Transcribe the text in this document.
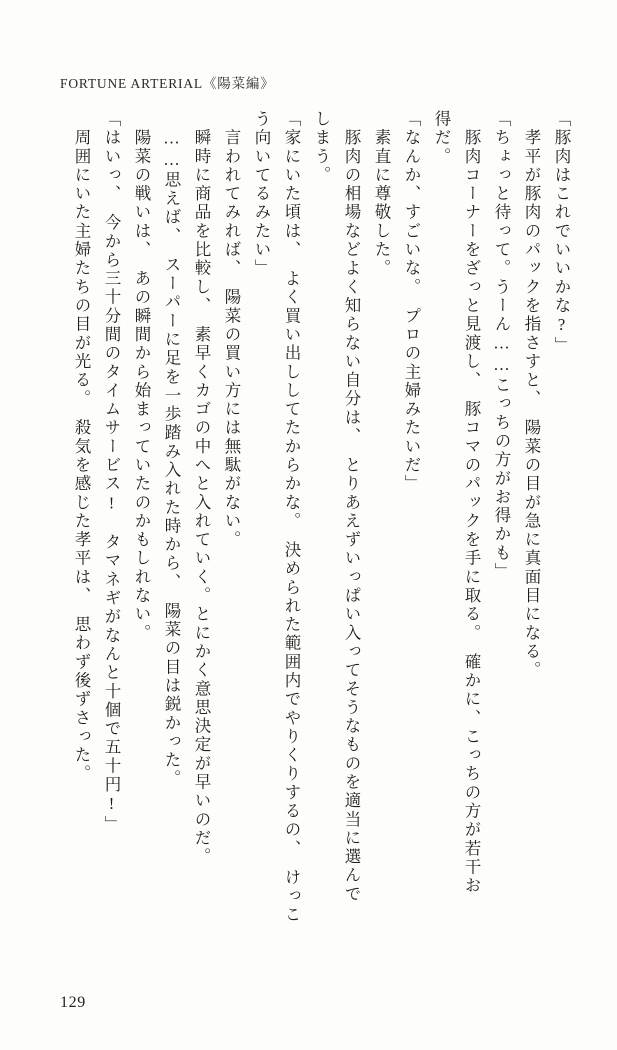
FORTUNE ARTERIAL《陽菜編》
「豚肉はこれでいいかな?」
　孝平が豚肉のパックを指さすと、　陽菜の目が急に真面目になる。
「ちょっと待って。うーん……こっちの方がお得かも」
　豚肉コーナーをざっと見渡し、　豚コマのパックを手に取る。　確かに、こっちの方が若干お
得だ。
「なんか、すごいな。　プロの主婦みたいだ」
　素直に尊敬した。
　豚肉の相場などよく知らない自分は、　とりあえずいっぱい入ってそうなものを適当に選んで
しまう。
「家にいた頃は、　よく買い出ししてたからかな。　決められた範囲内でやりくりするの、　けっこ
う向いてるみたい」
　言われてみれば、　陽菜の買い方には無駄がない。
　瞬時に商品を比較し、　素早くカゴの中へと入れていく。とにかく意思決定が早いのだ。
　……思えば、　スーパーに足を一歩踏み入れた時から、　陽菜の目は鋭かった。
　陽菜の戦いは、　あの瞬間から始まっていたのかもしれない。
「はいっ、　今から三十分間のタイムサービス!　タマネギがなんと十個で五十円!」
　周囲にいた主婦たちの目が光る。　殺気を感じた孝平は、　思わず後ずさった。
129
